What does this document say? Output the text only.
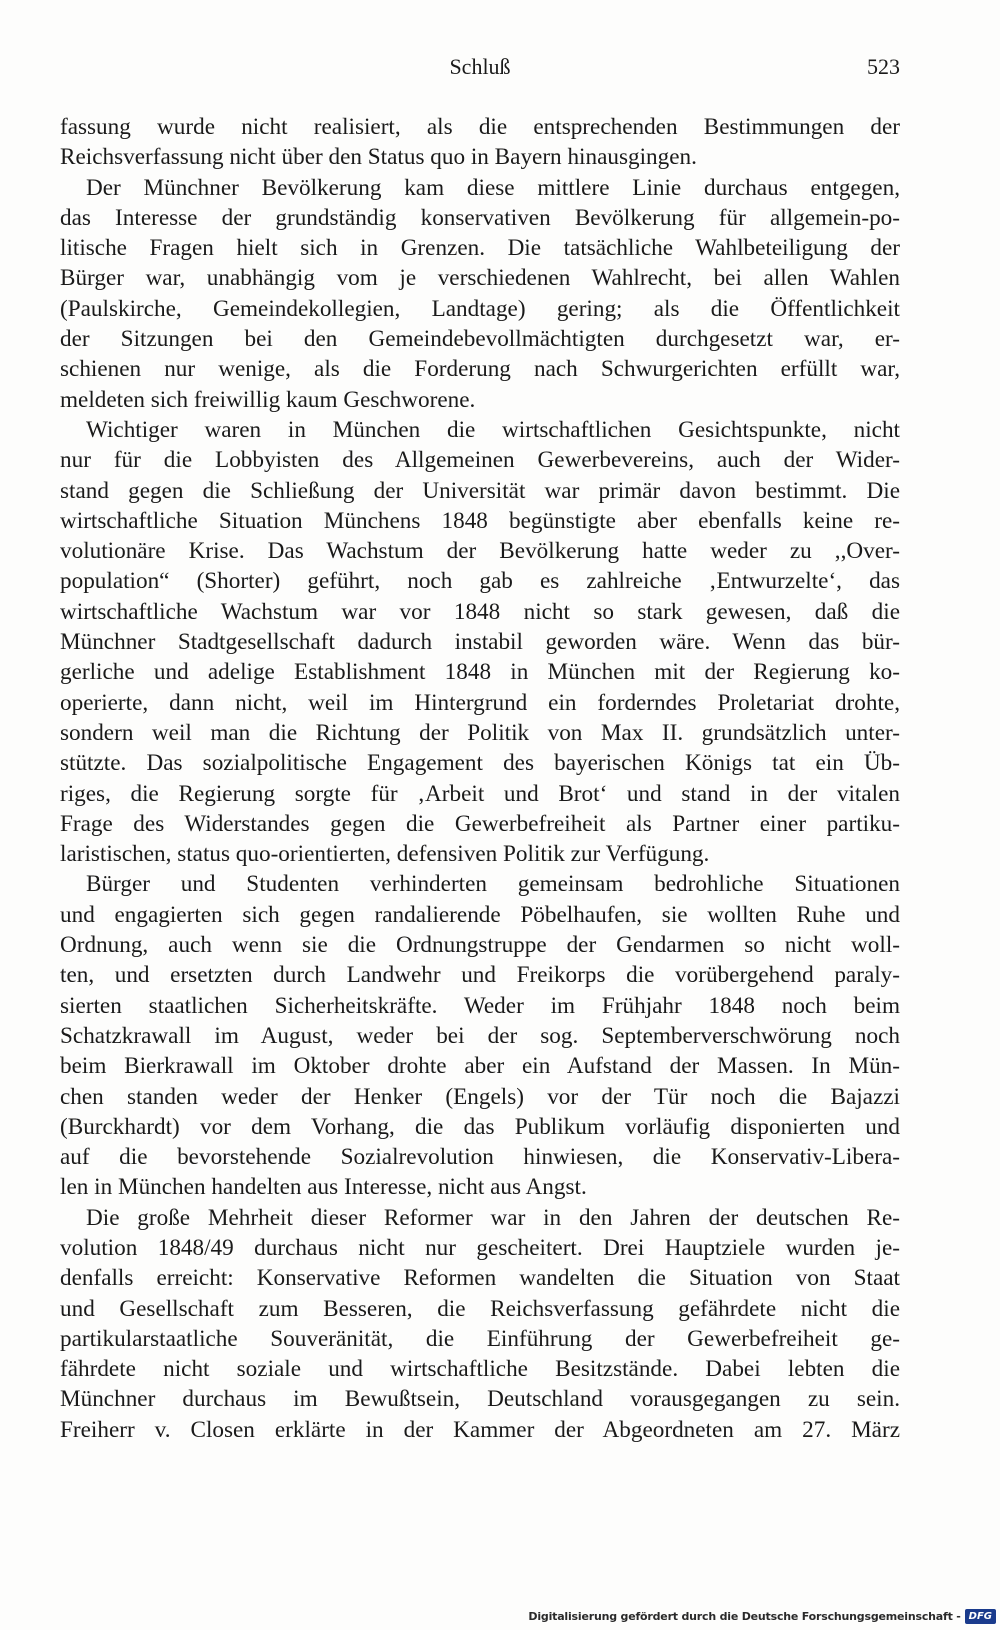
Schluß	523
fassung wurde nicht realisiert, als die entsprechenden Bestimmungen der
Reichsverfassung nicht über den Status quo in Bayern hinausgingen.
Der Münchner Bevölkerung kam diese mittlere Linie durchaus entgegen,
das Interesse der grundständig konservativen Bevölkerung für allgemein-po-
litische Fragen hielt sich in Grenzen. Die tatsächliche Wahlbeteiligung der
Bürger war, unabhängig vom je verschiedenen Wahlrecht, bei allen Wahlen
(Paulskirche, Gemeindekollegien, Landtage) gering; als die Öffentlichkeit
der Sitzungen bei den Gemeindebevollmächtigten durchgesetzt war, er-
schienen nur wenige, als die Forderung nach Schwurgerichten erfüllt war,
meldeten sich freiwillig kaum Geschworene.
Wichtiger waren in München die wirtschaftlichen Gesichtspunkte, nicht
nur für die Lobbyisten des Allgemeinen Gewerbevereins, auch der Wider-
stand gegen die Schließung der Universität war primär davon bestimmt. Die
wirtschaftliche Situation Münchens 1848 begünstigte aber ebenfalls keine re-
volutionäre Krise. Das Wachstum der Bevölkerung hatte weder zu ,,Over-
population“ (Shorter) geführt, noch gab es zahlreiche ‚Entwurzelte‘, das
wirtschaftliche Wachstum war vor 1848 nicht so stark gewesen, daß die
Münchner Stadtgesellschaft dadurch instabil geworden wäre. Wenn das bür-
gerliche und adelige Establishment 1848 in München mit der Regierung ko-
operierte, dann nicht, weil im Hintergrund ein forderndes Proletariat drohte,
sondern weil man die Richtung der Politik von Max II. grundsätzlich unter-
stützte. Das sozialpolitische Engagement des bayerischen Königs tat ein Üb-
riges, die Regierung sorgte für ‚Arbeit und Brot‘ und stand in der vitalen
Frage des Widerstandes gegen die Gewerbefreiheit als Partner einer partiku-
laristischen, status quo-orientierten, defensiven Politik zur Verfügung.
Bürger und Studenten verhinderten gemeinsam bedrohliche Situationen
und engagierten sich gegen randalierende Pöbelhaufen, sie wollten Ruhe und
Ordnung, auch wenn sie die Ordnungstruppe der Gendarmen so nicht woll-
ten, und ersetzten durch Landwehr und Freikorps die vorübergehend paraly-
sierten staatlichen Sicherheitskräfte. Weder im Frühjahr 1848 noch beim
Schatzkrawall im August, weder bei der sog. Septemberverschwörung noch
beim Bierkrawall im Oktober drohte aber ein Aufstand der Massen. In Mün-
chen standen weder der Henker (Engels) vor der Tür noch die Bajazzi
(Burckhardt) vor dem Vorhang, die das Publikum vorläufig disponierten und
auf die bevorstehende Sozialrevolution hinwiesen, die Konservativ-Libera-
len in München handelten aus Interesse, nicht aus Angst.
Die große Mehrheit dieser Reformer war in den Jahren der deutschen Re-
volution 1848/49 durchaus nicht nur gescheitert. Drei Hauptziele wurden je-
denfalls erreicht: Konservative Reformen wandelten die Situation von Staat
und Gesellschaft zum Besseren, die Reichsverfassung gefährdete nicht die
partikularstaatliche Souveränität, die Einführung der Gewerbefreiheit ge-
fährdete nicht soziale und wirtschaftliche Besitzstände. Dabei lebten die
Münchner durchaus im Bewußtsein, Deutschland vorausgegangen zu sein.
Freiherr v. Closen erklärte in der Kammer der Abgeordneten am 27. März
Digitalisierung gefördert durch die Deutsche Forschungsgemeinschaft - DFG
